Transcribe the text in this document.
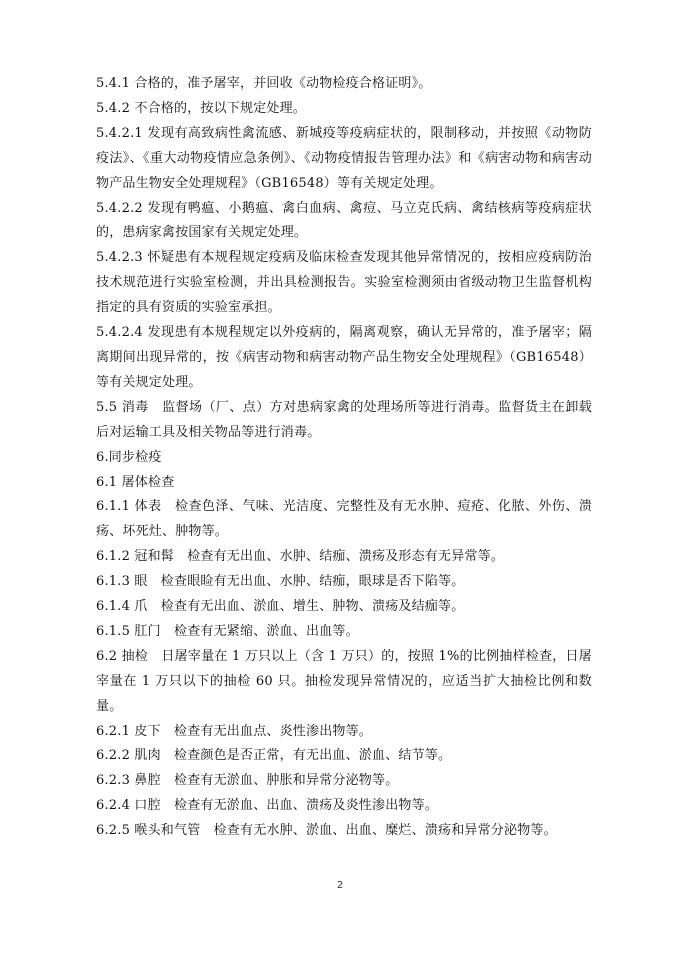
5.4.1 合格的，准予屠宰，并回收《动物检疫合格证明》。

5.4.2 不合格的，按以下规定处理。

5.4.2.1 发现有高致病性禽流感、新城疫等疫病症状的，限制移动，并按照《动物防疫法》、《重大动物疫情应急条例》、《动物疫情报告管理办法》和《病害动物和病害动物产品生物安全处理规程》（GB16548）等有关规定处理。

5.4.2.2 发现有鸭瘟、小鹅瘟、禽白血病、禽痘、马立克氏病、禽结核病等疫病症状的，患病家禽按国家有关规定处理。

5.4.2.3 怀疑患有本规程规定疫病及临床检查发现其他异常情况的，按相应疫病防治技术规范进行实验室检测，并出具检测报告。实验室检测须由省级动物卫生监督机构指定的具有资质的实验室承担。

5.4.2.4 发现患有本规程规定以外疫病的，隔离观察，确认无异常的，准予屠宰；隔离期间出现异常的，按《病害动物和病害动物产品生物安全处理规程》（GB16548）等有关规定处理。

5.5 消毒　监督场（厂、点）方对患病家禽的处理场所等进行消毒。监督货主在卸载后对运输工具及相关物品等进行消毒。

6.同步检疫

6.1 屠体检查

6.1.1 体表　检查色泽、气味、光洁度、完整性及有无水肿、痘疮、化脓、外伤、溃疡、坏死灶、肿物等。

6.1.2 冠和髯　检查有无出血、水肿、结痂、溃疡及形态有无异常等。

6.1.3 眼　检查眼睑有无出血、水肿、结痂，眼球是否下陷等。

6.1.4 爪　检查有无出血、淤血、增生、肿物、溃疡及结痂等。

6.1.5 肛门　检查有无紧缩、淤血、出血等。

6.2 抽检　日屠宰量在 1 万只以上（含 1 万只）的，按照 1%的比例抽样检查，日屠宰量在 1 万只以下的抽检 60 只。抽检发现异常情况的，应适当扩大抽检比例和数量。

6.2.1 皮下　检查有无出血点、炎性渗出物等。

6.2.2 肌肉　检查颜色是否正常，有无出血、淤血、结节等。

6.2.3 鼻腔　检查有无淤血、肿胀和异常分泌物等。

6.2.4 口腔　检查有无淤血、出血、溃疡及炎性渗出物等。

6.2.5 喉头和气管　检查有无水肿、淤血、出血、糜烂、溃疡和异常分泌物等。

2
